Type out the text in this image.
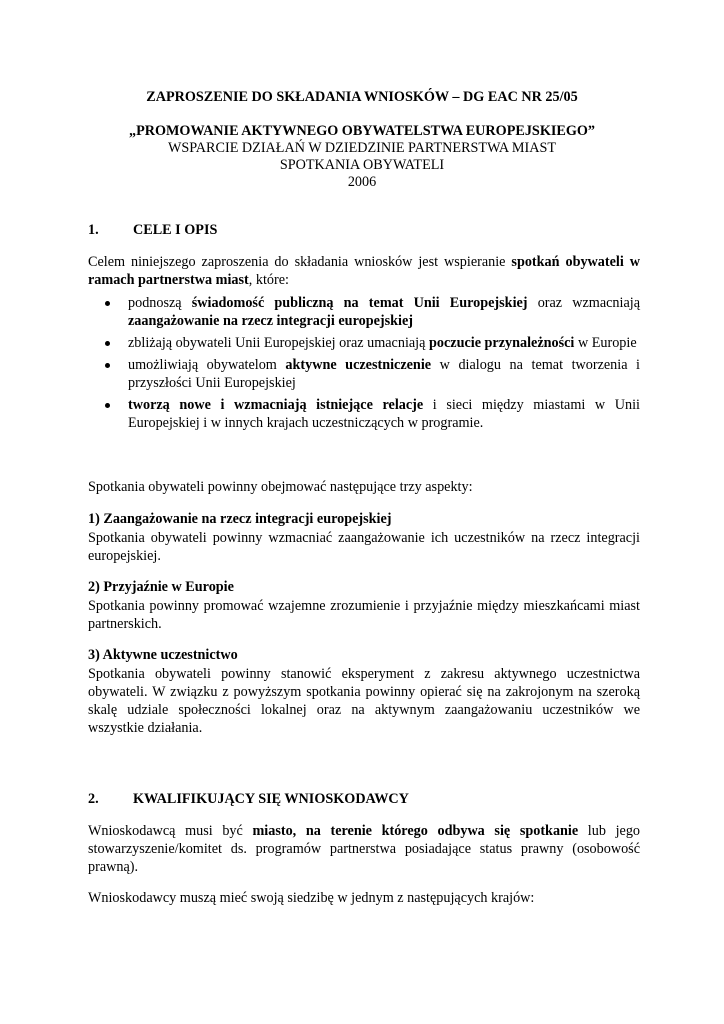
ZAPROSZENIE DO SKŁADANIA WNIOSKÓW – DG EAC NR 25/05
„PROMOWANIE AKTYWNEGO OBYWATELSTWA EUROPEJSKIEGO”
WSPARCIE DZIAŁAŃ W DZIEDZINIE PARTNERSTWA MIAST
SPOTKANIA OBYWATELI
2006
1. CELE I OPIS
Celem niniejszego zaproszenia do składania wniosków jest wspieranie spotkań obywateli w ramach partnerstwa miast, które:
podnoszą świadomość publiczną na temat Unii Europejskiej oraz wzmacniają zaangażowanie na rzecz integracji europejskiej
zbliżają obywateli Unii Europejskiej oraz umacniają poczucie przynależności w Europie
umożliwiają obywatelom aktywne uczestniczenie w dialogu na temat tworzenia i przyszłości Unii Europejskiej
tworzą nowe i wzmacniają istniejące relacje i sieci między miastami w Unii Europejskiej i w innych krajach uczestniczących w programie.
Spotkania obywateli powinny obejmować następujące trzy aspekty:
1) Zaangażowanie na rzecz integracji europejskiej
Spotkania obywateli powinny wzmacniać zaangażowanie ich uczestników na rzecz integracji europejskiej.
2) Przyjaźnie w Europie
Spotkania powinny promować wzajemne zrozumienie i przyjaźnie między mieszkańcami miast partnerskich.
3) Aktywne uczestnictwo
Spotkania obywateli powinny stanowić eksperyment z zakresu aktywnego uczestnictwa obywateli. W związku z powyższym spotkania powinny opierać się na zakrojonym na szeroką skalę udziale społeczności lokalnej oraz na aktywnym zaangażowaniu uczestników we wszystkie działania.
2. KWALIFIKUJĄCY SIĘ WNIOSKODAWCY
Wnioskodawcą musi być miasto, na terenie którego odbywa się spotkanie lub jego stowarzyszenie/komitet ds. programów partnerstwa posiadające status prawny (osobowość prawną).
Wnioskodawcy muszą mieć swoją siedzibę w jednym z następujących krajów:
